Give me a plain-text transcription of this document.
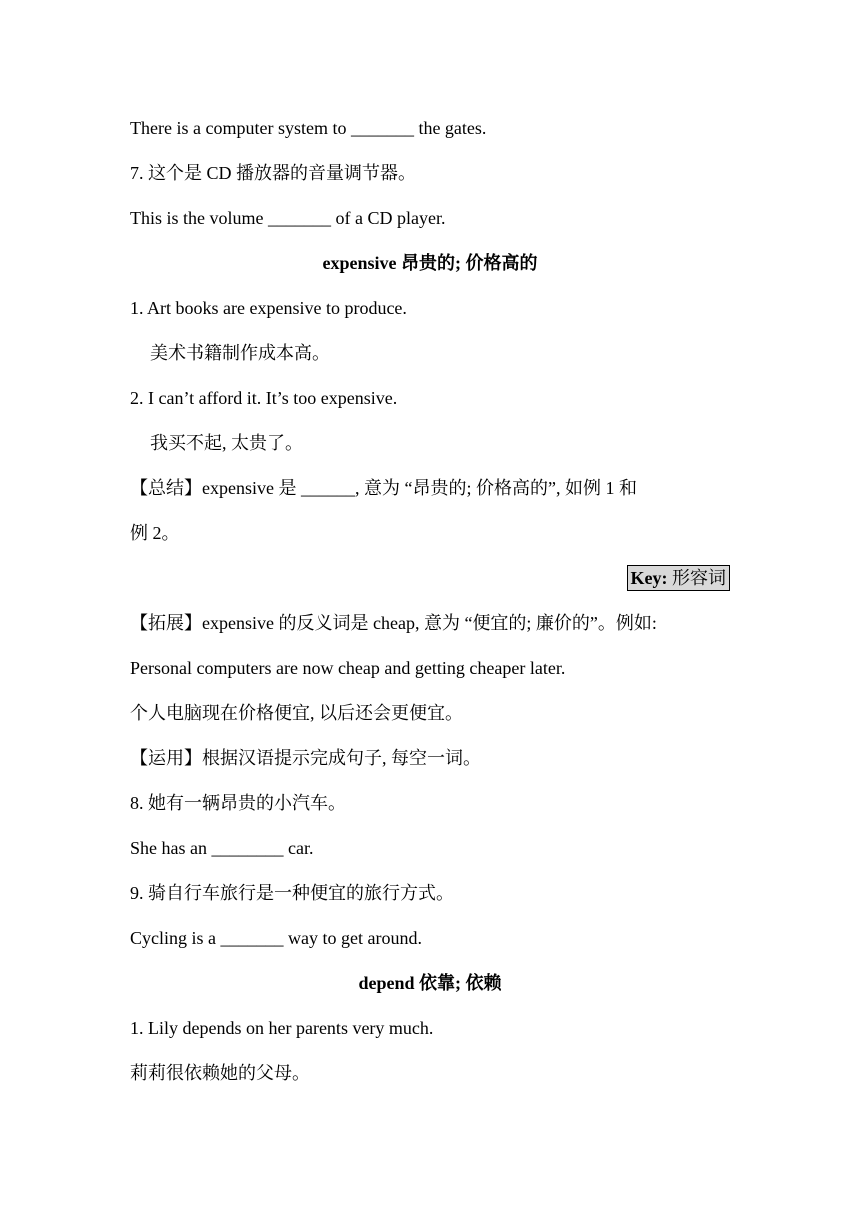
There is a computer system to _______ the gates.
7. 这个是 CD 播放器的音量调节器。
This is the volume _______ of a CD player.
expensive 昂贵的; 价格高的
1. Art books are expensive to produce.
美术书籍制作成本高。
2. I can’t afford it. It’s too expensive.
我买不起, 太贵了。
【总结】expensive 是 ______, 意为 “昂贵的; 价格高的”, 如例 1 和
例 2。
Key: 形容词
【拓展】expensive 的反义词是 cheap, 意为 “便宜的; 廉价的”。例如:
Personal computers are now cheap and getting cheaper later.
个人电脑现在价格便宜, 以后还会更便宜。
【运用】根据汉语提示完成句子, 每空一词。
8. 她有一辆昂贵的小汽车。
She has an ________ car.
9. 骑自行车旅行是一种便宜的旅行方式。
Cycling is a _______ way to get around.
depend 依靠; 依赖
1. Lily depends on her parents very much.
莉莉很依赖她的父母。
